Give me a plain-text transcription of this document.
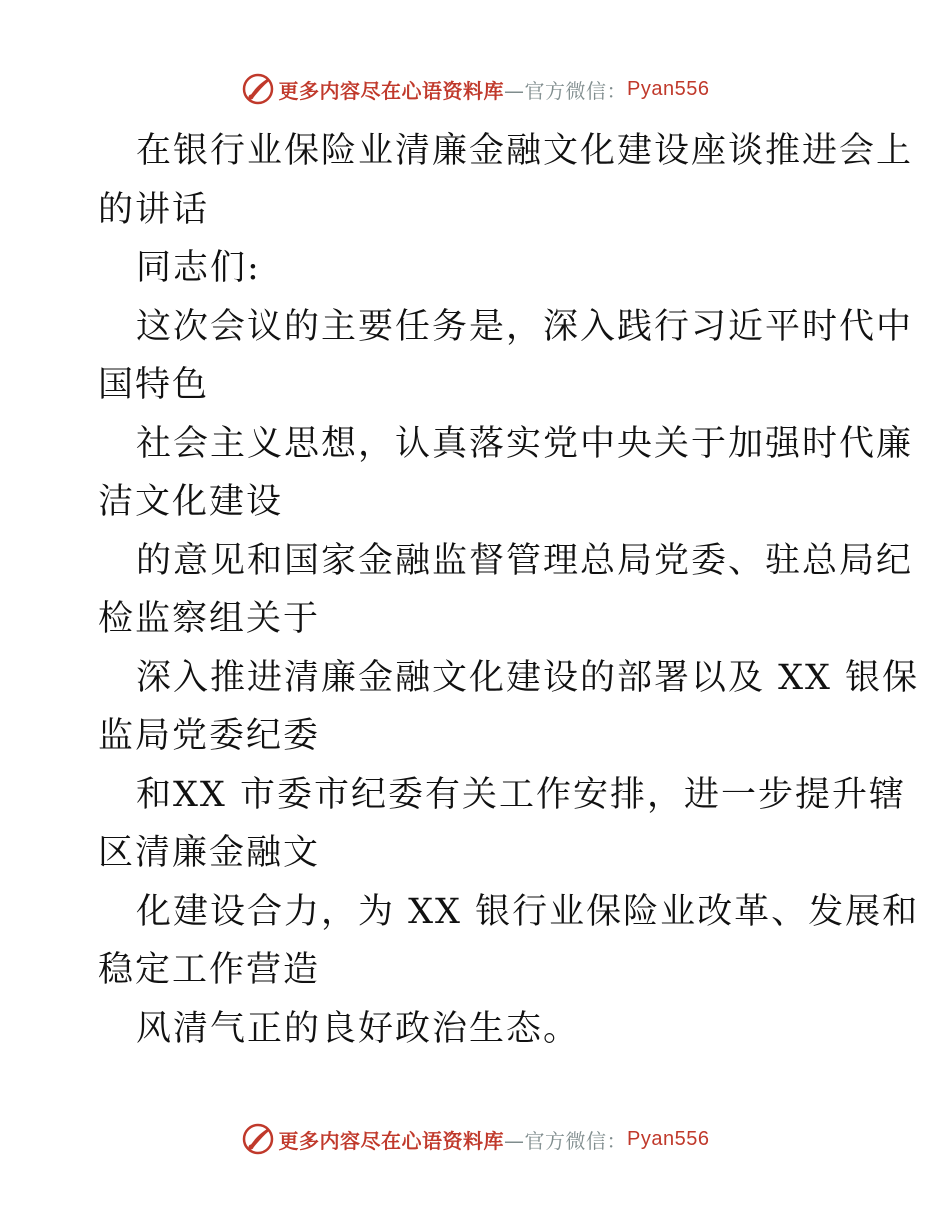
更多内容尽在心语资料库 —官方微信： Pyan556
在银行业保险业清廉金融文化建设座谈推进会上
的讲话
同志们:
这次会议的主要任务是，深入践行习近平时代中
国特色
社会主义思想，认真落实党中央关于加强时代廉
洁文化建设
的意见和国家金融监督管理总局党委、驻总局纪
检监察组关于
深入推进清廉金融文化建设的部署以及 XX 银保
监局党委纪委
和XX 市委市纪委有关工作安排，进一步提升辖
区清廉金融文
化建设合力，为 XX 银行业保险业改革、发展和
稳定工作营造
风清气正的良好政治生态。
更多内容尽在心语资料库 —官方微信： Pyan556
